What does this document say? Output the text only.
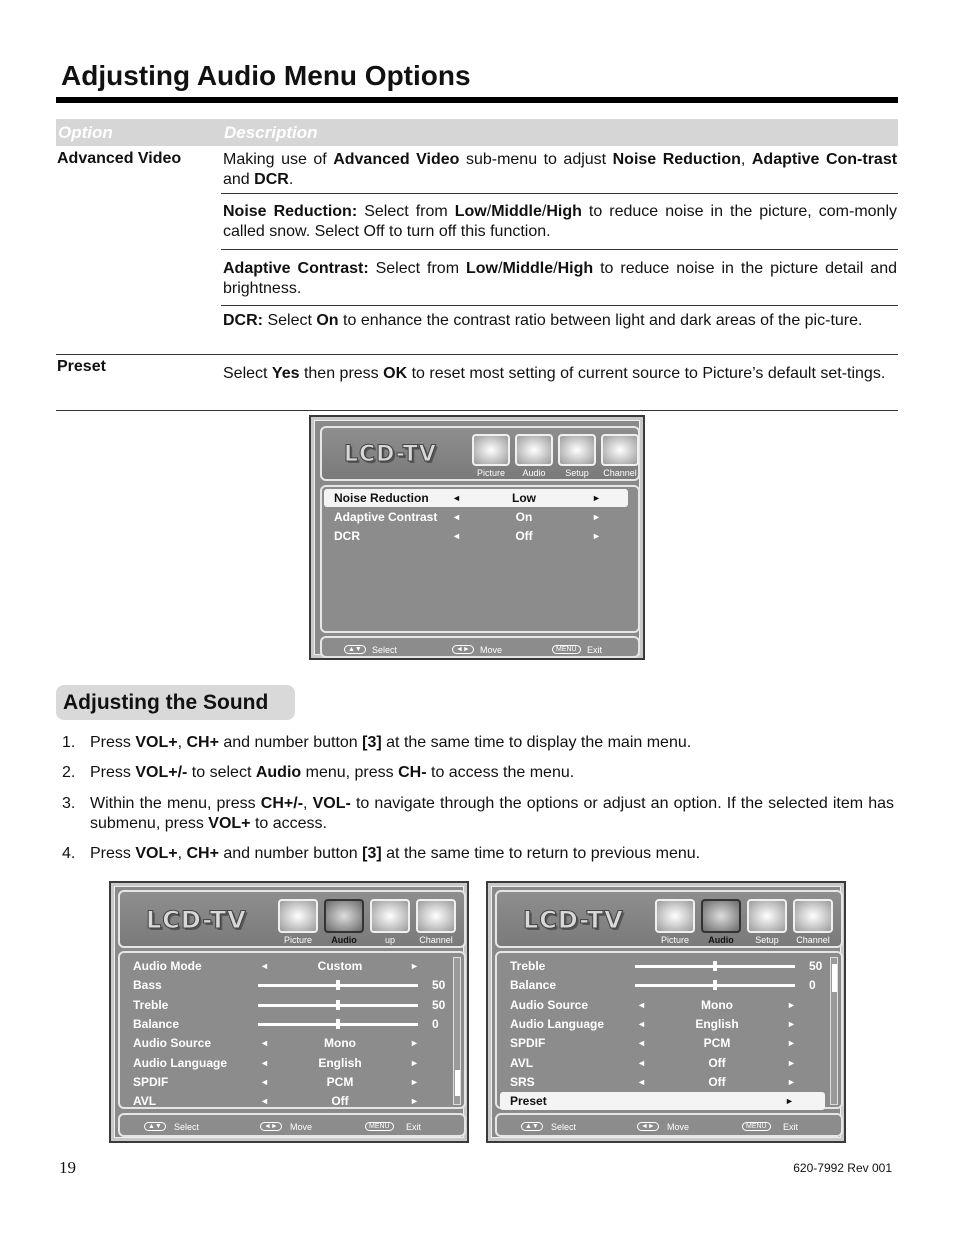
Adjusting Audio Menu Options
Option	Description
Advanced Video	Making use of Advanced Video sub-menu to adjust Noise Reduction, Adaptive Con-trast and DCR.
Noise Reduction: Select from Low/Middle/High to reduce noise in the picture, com-monly called snow. Select Off to turn off this function.
Adaptive Contrast: Select from Low/Middle/High to reduce noise in the picture detail and brightness.
DCR: Select On to enhance the contrast ratio between light and dark areas of the pic-ture.
Preset	Select Yes then press OK to reset most setting of current source to Picture’s default set-tings.
LCD-TV
Picture	Audio	Setup	Channel
Noise Reduction	◄	Low	►
Adaptive Contrast ◄	On	►
DCR	◄	Off	►
▲▼	Select	◄►	Move	MENU	Exit
Adjusting the Sound
1. Press VOL+, CH+ and number button [3] at the same time to display the main menu.
2. Press VOL+/- to select Audio menu, press CH- to access the menu.
3. Within the menu, press CH+/-, VOL- to navigate through the options or adjust an option. If the selected item has submenu, press VOL+ to access.
4. Press VOL+, CH+ and number button [3] at the same time to return to previous menu.
LCD-TV
Picture	Audio	up	Channel
Audio Mode	◄	Custom	►
Bass	50
Treble	50
Balance	0
Audio Source	◄	Mono	►
Audio Language	◄	English	►
SPDIF	◄	PCM	►
AVL	◄	Off	►
▲▼	Select	◄►	Move	MENU	Exit
LCD-TV
Picture	Audio	Setup	Channel
Treble	50
Balance	0
Audio Source	◄	Mono	►
Audio Language	◄	English	►
SPDIF	◄	PCM	►
AVL	◄	Off	►
SRS	◄	Off	►
Preset	►
▲▼	Select	◄►	Move	MENU	Exit
19	620-7992 Rev 001
